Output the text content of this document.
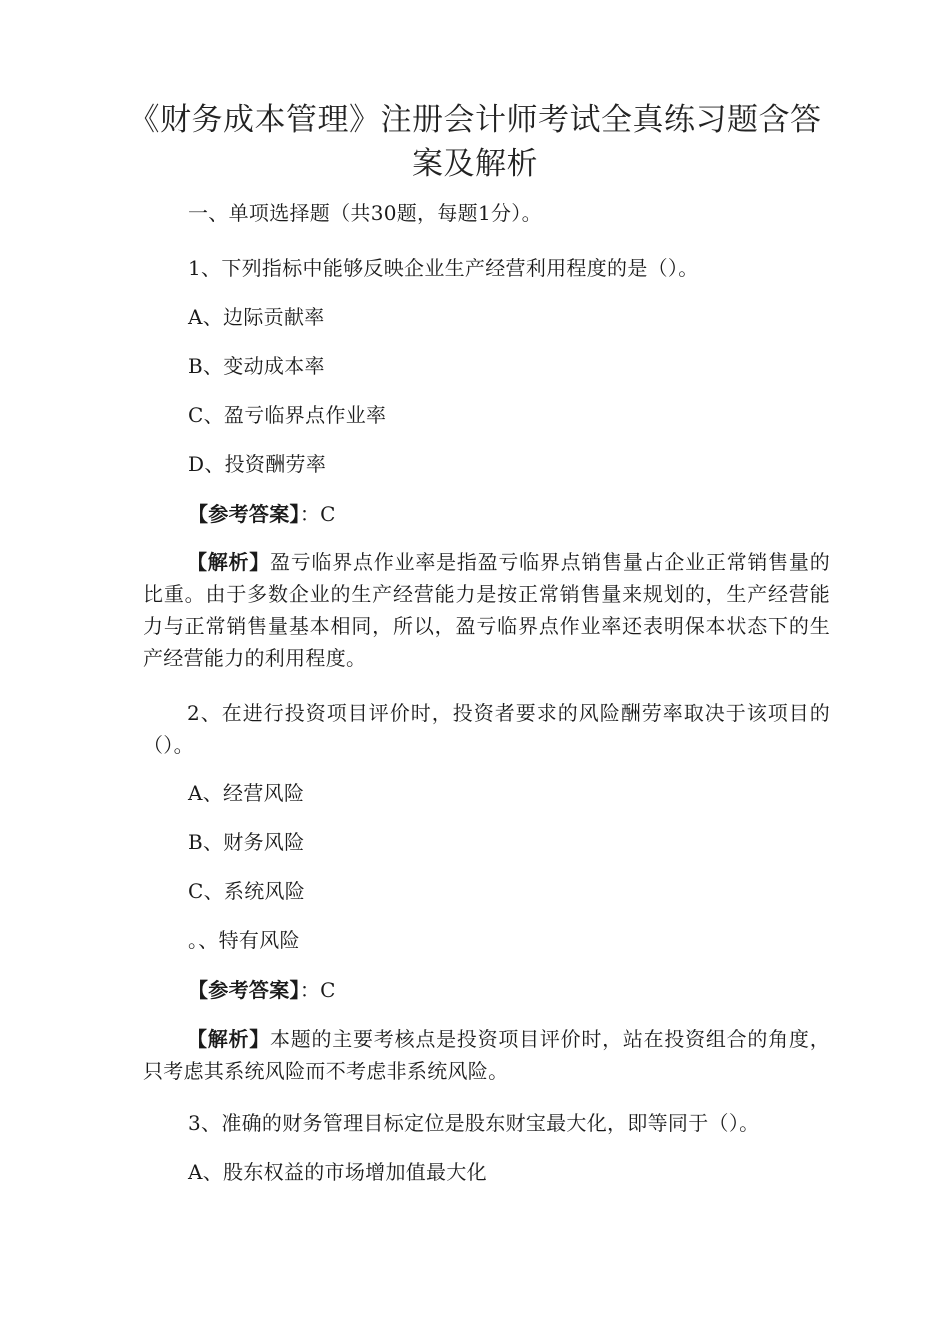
《财务成本管理》注册会计师考试全真练习题含答案及解析
一、单项选择题（共30题，每题1分）。
1、下列指标中能够反映企业生产经营利用程度的是（）。
A、边际贡献率
B、变动成本率
C、盈亏临界点作业率
D、投资酬劳率
【参考答案】：C
【解析】盈亏临界点作业率是指盈亏临界点销售量占企业正常销售量的比重。由于多数企业的生产经营能力是按正常销售量来规划的，生产经营能力与正常销售量基本相同，所以，盈亏临界点作业率还表明保本状态下的生产经营能力的利用程度。
2、在进行投资项目评价时，投资者要求的风险酬劳率取决于该项目的（）。
A、经营风险
B、财务风险
C、系统风险
。、特有风险
【参考答案】：C
【解析】本题的主要考核点是投资项目评价时，站在投资组合的角度，只考虑其系统风险而不考虑非系统风险。
3、准确的财务管理目标定位是股东财宝最大化，即等同于（）。
A、股东权益的市场增加值最大化
